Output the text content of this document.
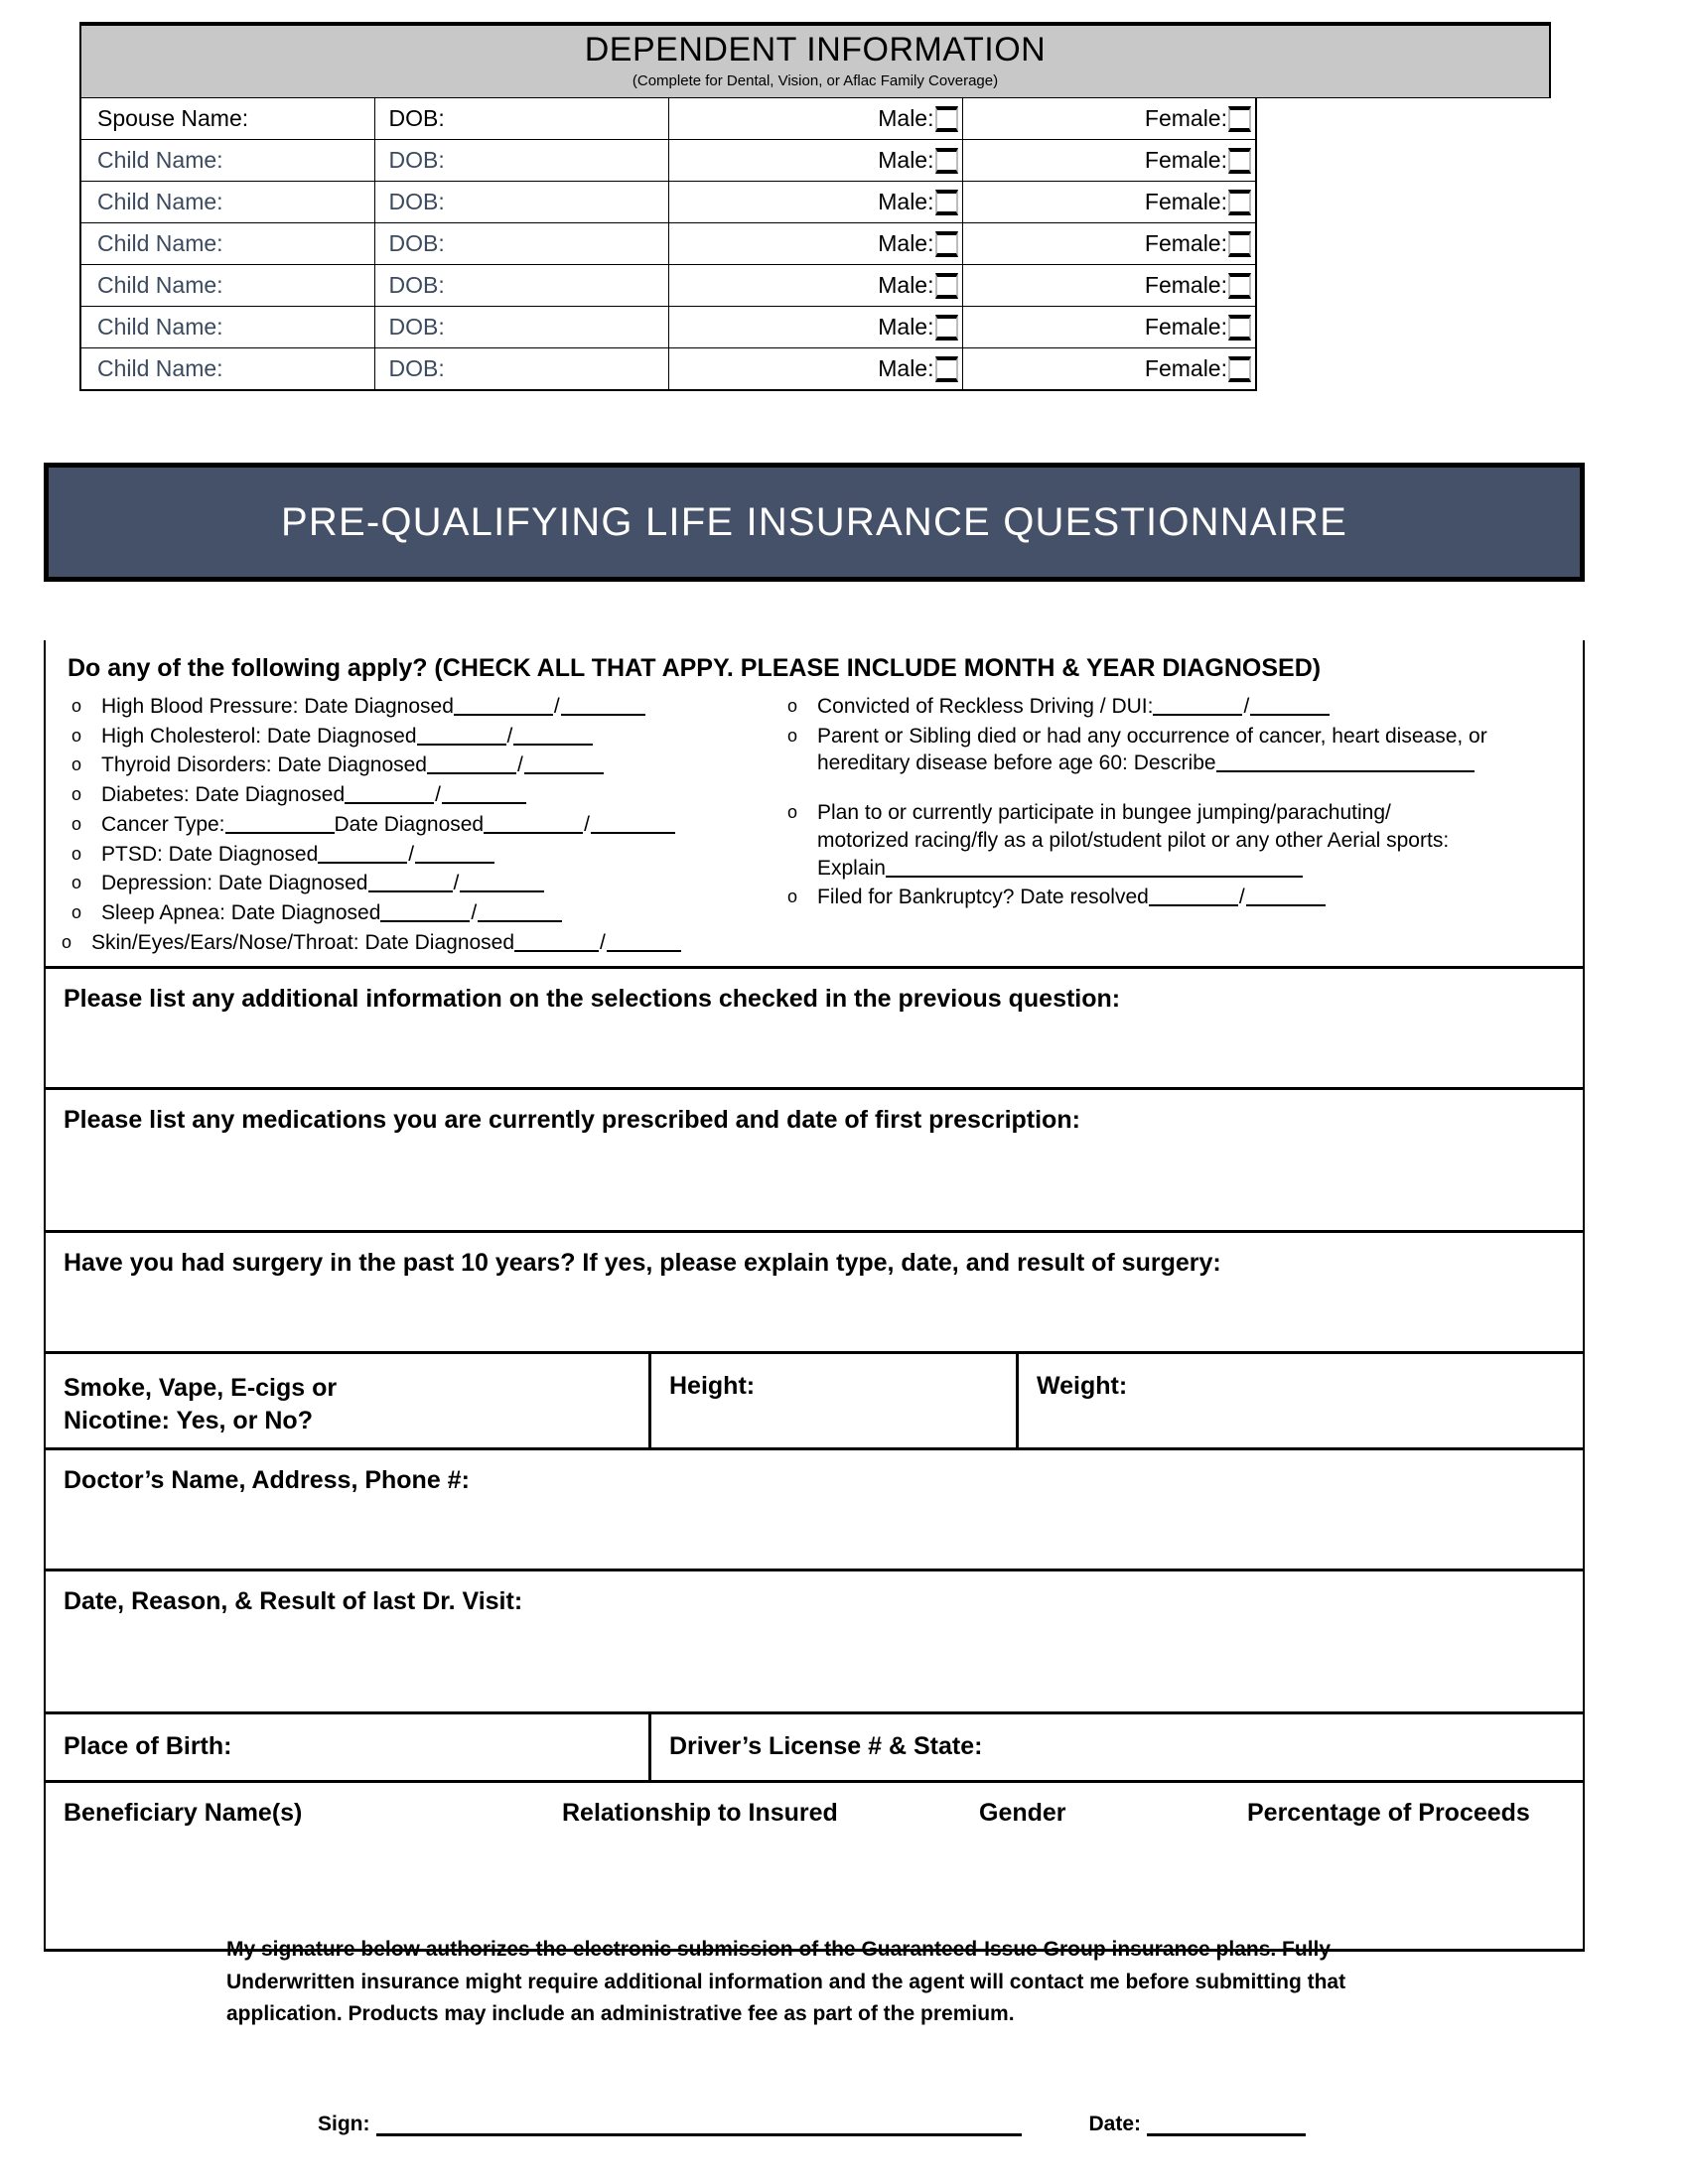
DEPENDENT INFORMATION
(Complete for Dental, Vision, or Aflac Family Coverage)				

Spouse Name:	DOB:	Male:	Female:	
Child Name:	DOB:	Male:	Female:	
Child Name:	DOB:	Male:	Female:	
Child Name:	DOB:	Male:	Female:	
Child Name:	DOB:	Male:	Female:	
Child Name:	DOB:	Male:	Female:	
Child Name:	DOB:	Male:	Female:	
PRE-QUALIFYING LIFE INSURANCE QUESTIONNAIRE
Do any of the following apply? (CHECK ALL THAT APPY. PLEASE INCLUDE MONTH & YEAR DIAGNOSED)
o High Blood Pressure: Date Diagnosed	/
o High Cholesterol: Date Diagnosed	/
o Thyroid Disorders: Date Diagnosed	/
o Diabetes: Date Diagnosed	/
o Cancer Type:	Date Diagnosed	/
o PTSD: Date Diagnosed	/
o Depression: Date Diagnosed	/
o Sleep Apnea: Date Diagnosed	/
o Skin/Eyes/Ears/Nose/Throat: Date Diagnosed	/
o Convicted of Reckless Driving / DUI:	/
o Parent or Sibling died or had any occurrence of cancer, heart disease, or
hereditary disease before age 60: Describe
o Plan to or currently participate in bungee jumping/parachuting/
motorized racing/fly as a pilot/student pilot or any other Aerial sports:
Explain
o Filed for Bankruptcy? Date resolved	/
Please list any additional information on the selections checked in the previous question:
Please list any medications you are currently prescribed and date of first prescription:
Have you had surgery in the past 10 years? If yes, please explain type, date, and result of surgery:
Smoke, Vape, E-cigs or
Nicotine: Yes, or No?
Height:	Weight:
Doctor’s Name, Address, Phone #:
Date, Reason, & Result of last Dr. Visit:
Place of Birth:	Driver’s License # & State:
Beneficiary Name(s)	Relationship to Insured	Gender	Percentage of Proceeds
My signature below authorizes the electronic submission of the Guaranteed-Issue Group insurance plans. Fully
Underwritten insurance might require additional information and the agent will contact me before submitting that
application. Products may include an administrative fee as part of the premium.
Sign:	Date:
